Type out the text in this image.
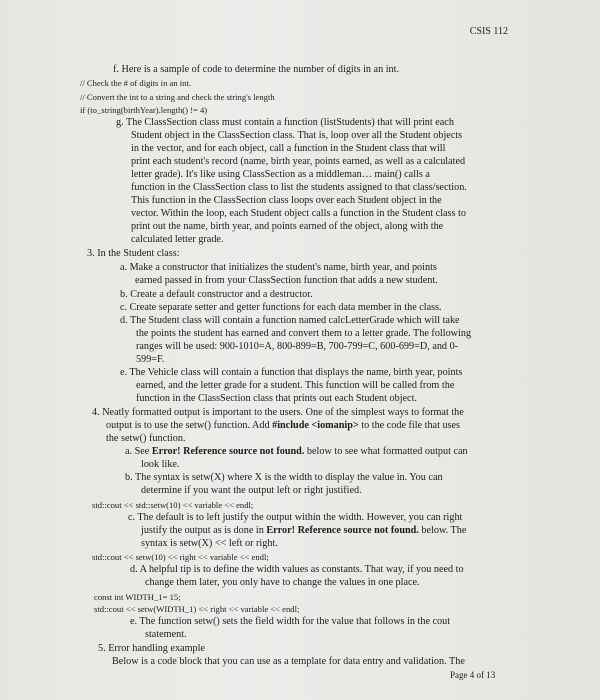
CSIS 112
f. Here is a sample of code to determine the number of digits in an int.
// Check the # of digits in an int.
// Convert the int to a string and check the string's length
if (to_string(birthYear).length() != 4)
g. The ClassSection class must contain a function (listStudents) that will print each
Student object in the ClassSection class. That is, loop over all the Student objects
in the vector, and for each object, call a function in the Student class that will
print each student's record (name, birth year, points earned, as well as a calculated
letter grade). It's like using ClassSection as a middleman… main() calls a
function in the ClassSection class to list the students assigned to that class/section.
This function in the ClassSection class loops over each Student object in the
vector. Within the loop, each Student object calls a function in the Student class to
print out the name, birth year, and points earned of the object, along with the
calculated letter grade.
3. In the Student class:
a. Make a constructor that initializes the student's name, birth year, and points
earned passed in from your ClassSection function that adds a new student.
b. Create a default constructor and a destructor.
c. Create separate setter and getter functions for each data member in the class.
d. The Student class will contain a function named calcLetterGrade which will take
the points the student has earned and convert them to a letter grade. The following
ranges will be used: 900-1010=A, 800-899=B, 700-799=C, 600-699=D, and 0-
599=F.
e. The Vehicle class will contain a function that displays the name, birth year, points
earned, and the letter grade for a student. This function will be called from the
function in the ClassSection class that prints out each Student object.
4. Neatly formatted output is important to the users. One of the simplest ways to format the
output is to use the setw() function. Add #include <iomanip> to the code file that uses
the setw() function.
a. See Error! Reference source not found. below to see what formatted output can
look like.
b. The syntax is setw(X) where X is the width to display the value in. You can
determine if you want the output left or right justified.
std::cout << std::setw(10) << variable << endl;
c. The default is to left justify the output within the width. However, you can right
justify the output as is done in Error! Reference source not found. below. The
syntax is setw(X) << left or right.
std::cout << setw(10) << right << variable << endl;
d. A helpful tip is to define the width values as constants. That way, if you need to
change them later, you only have to change the values in one place.
const int WIDTH_1= 15;
std::cout << setw(WIDTH_1) << right << variable << endl;
e. The function setw() sets the field width for the value that follows in the cout
statement.
5. Error handling example
Below is a code block that you can use as a template for data entry and validation. The
Page 4 of 13
